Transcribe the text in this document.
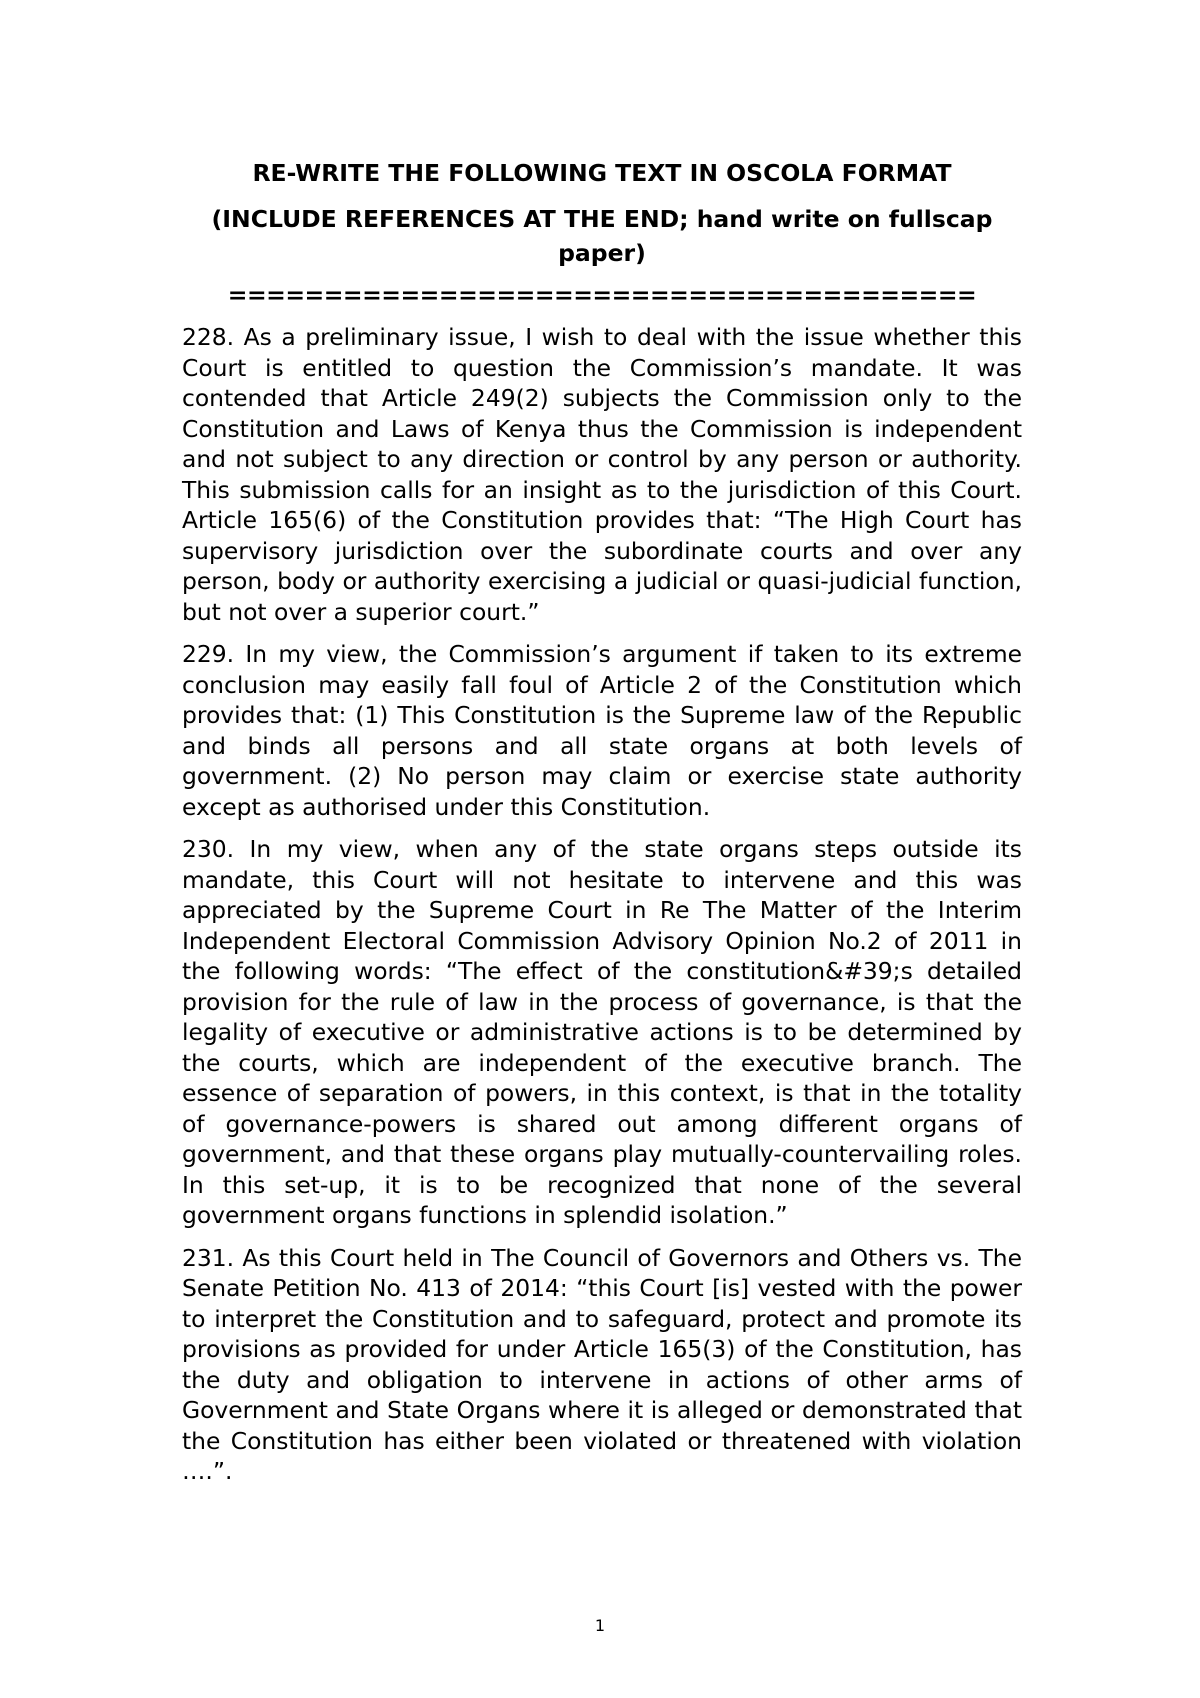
RE-WRITE THE FOLLOWING TEXT IN OSCOLA FORMAT
(INCLUDE REFERENCES AT THE END; hand write on fullscap paper)
=======================================

228. As a preliminary issue, I wish to deal with the issue whether this Court is entitled to question the Commission’s mandate. It was contended that Article 249(2) subjects the Commission only to the Constitution and Laws of Kenya thus the Commission is independent and not subject to any direction or control by any person or authority. This submission calls for an insight as to the jurisdiction of this Court. Article 165(6) of the Constitution provides that: “The High Court has supervisory jurisdiction over the subordinate courts and over any person, body or authority exercising a judicial or quasi-judicial function, but not over a superior court.”

229. In my view, the Commission’s argument if taken to its extreme conclusion may easily fall foul of Article 2 of the Constitution which provides that: (1) This Constitution is the Supreme law of the Republic and binds all persons and all state organs at both levels of government. (2) No person may claim or exercise state authority except as authorised under this Constitution.

230. In my view, when any of the state organs steps outside its mandate, this Court will not hesitate to intervene and this was appreciated by the Supreme Court in Re The Matter of the Interim Independent Electoral Commission Advisory Opinion No.2 of 2011 in the following words: “The effect of the constitution&#39;s detailed provision for the rule of law in the process of governance, is that the legality of executive or administrative actions is to be determined by the courts, which are independent of the executive branch. The essence of separation of powers, in this context, is that in the totality of governance-powers is shared out among different organs of government, and that these organs play mutually-countervailing roles. In this set-up, it is to be recognized that none of the several government organs functions in splendid isolation.”

231. As this Court held in The Council of Governors and Others vs. The Senate Petition No. 413 of 2014: “this Court [is] vested with the power to interpret the Constitution and to safeguard, protect and promote its provisions as provided for under Article 165(3) of the Constitution, has the duty and obligation to intervene in actions of other arms of Government and State Organs where it is alleged or demonstrated that the Constitution has either been violated or threatened with violation ….”.

1
